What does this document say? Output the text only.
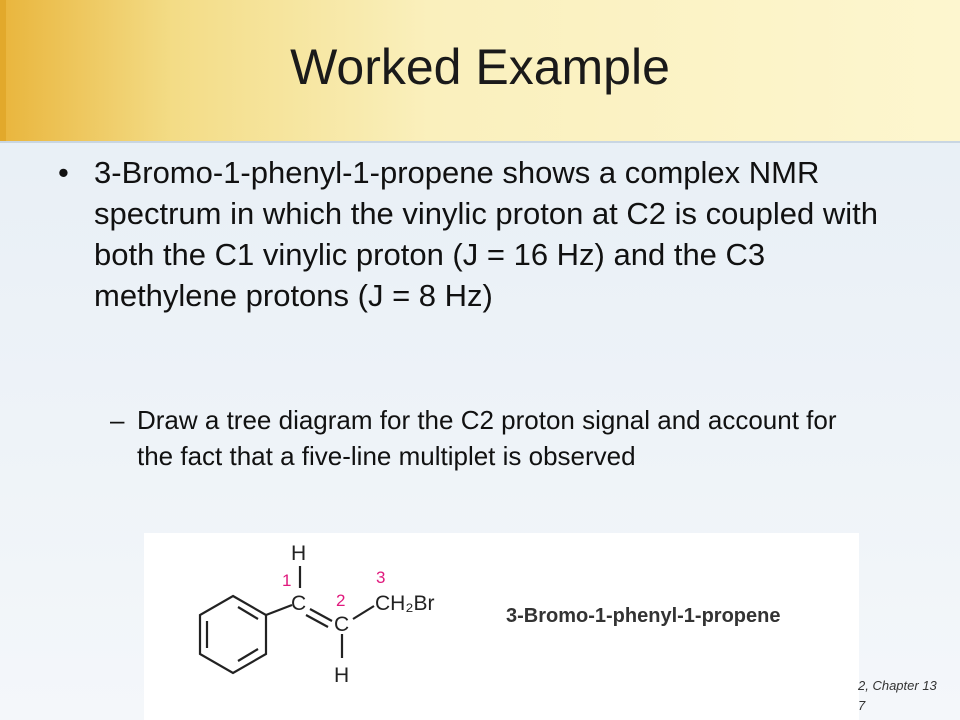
Worked Example
• 3-Bromo-1-phenyl-1-propene shows a complex NMR spectrum in which the vinylic proton at C2 is coupled with both the C1 vinylic proton (J = 16 Hz) and the C3 methylene protons (J = 8 Hz)
– Draw a tree diagram for the C2 proton signal and account for the fact that a five-line multiplet is observed
H
C
C
H
CH₂Br
1
2
3
3-Bromo-1-phenyl-1-propene
2, Chapter 13
7
